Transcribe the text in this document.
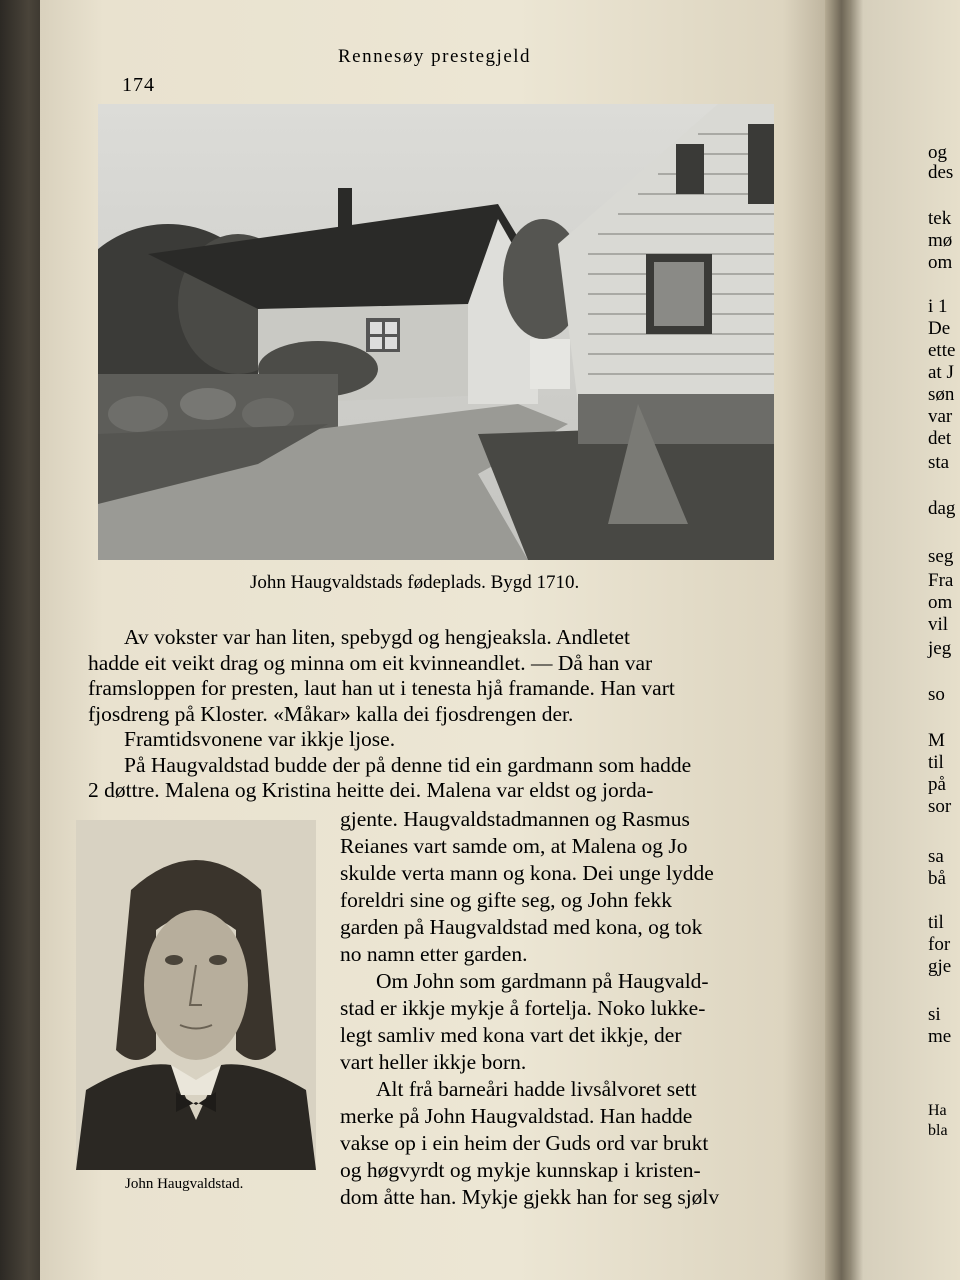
Rennesøy prestegjeld
174
John Haugvaldstads fødeplads. Bygd 1710.

Av vokster var han liten, spebygd og hengjeaksla. Andletet

hadde eit veikt drag og minna om eit kvinneandlet. — Då han var

framsloppen for presten, laut han ut i tenesta hjå framande. Han vart

fjosdreng på Kloster. «Måkar» kalla dei fjosdrengen der.

Framtidsvonene var ikkje ljose.

På Haugvaldstad budde der på denne tid ein gardmann som hadde

2 døttre. Malena og Kristina heitte dei. Malena var eldst og jorda-

John Haugvaldstad.

gjente. Haugvaldstadmannen og Rasmus

Reianes vart samde om, at Malena og Jo

skulde verta mann og kona. Dei unge lydde

foreldri sine og gifte seg, og John fekk

garden på Haugvaldstad med kona, og tok

no namn etter garden.

Om John som gardmann på Haugvald-

stad er ikkje mykje å fortelja. Noko lukke-

legt samliv med kona vart det ikkje, der

vart heller ikkje born.

Alt frå barneåri hadde livsålvoret sett

merke på John Haugvaldstad. Han hadde

vakse op i ein heim der Guds ord var brukt

og høgvyrdt og mykje kunnskap i kristen-

dom åtte han. Mykje gjekk han for seg sjølv

og
des
tek
mø
om
i 1
De
ette
at J
søn
var
det
sta
dag
seg
Fra
om
vil
jeg
so
M
til
på
sor
sa
bå
til
for
gje
si
me
Ha
bla
